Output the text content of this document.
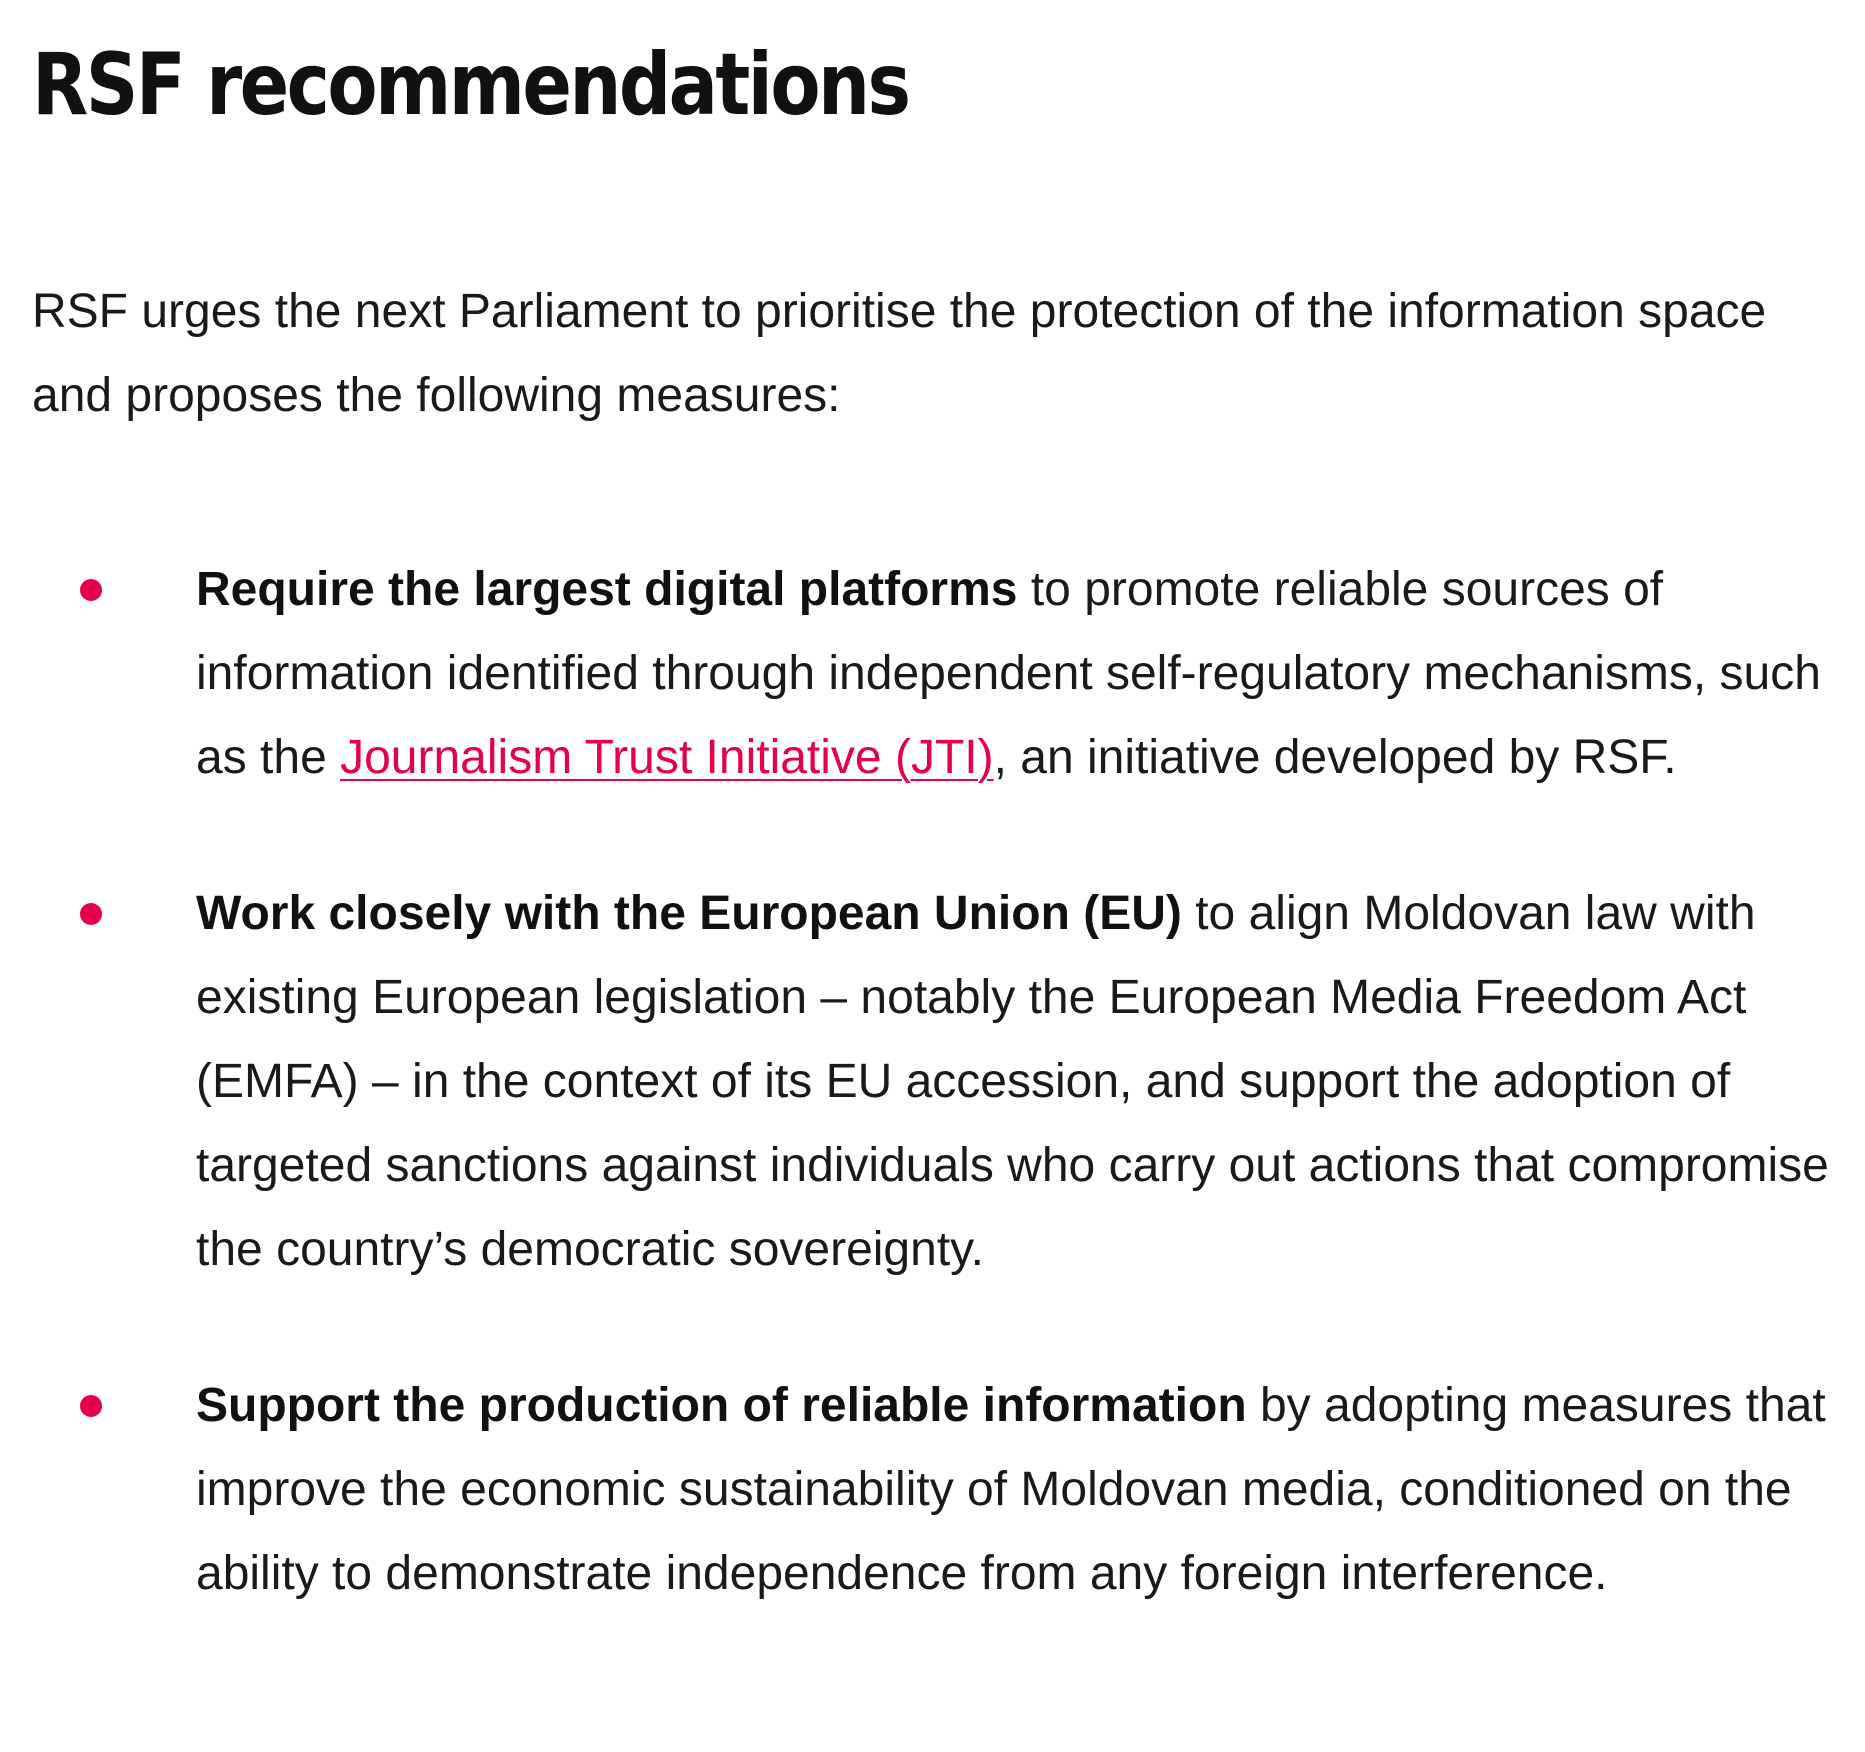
RSF recommendations

RSF urges the next Parliament to prioritise the protection of the information space and proposes the following measures:

Require the largest digital platforms to promote reliable sources of information identified through independent self-regulatory mechanisms, such as the Journalism Trust Initiative (JTI), an initiative developed by RSF.
Work closely with the European Union (EU) to align Moldovan law with existing European legislation – notably the European Media Freedom Act (EMFA) – in the context of its EU accession, and support the adoption of targeted sanctions against individuals who carry out actions that compromise the country’s democratic sovereignty.
Support the production of reliable information by adopting measures that improve the economic sustainability of Moldovan media, conditioned on the ability to demonstrate independence from any foreign interference.
